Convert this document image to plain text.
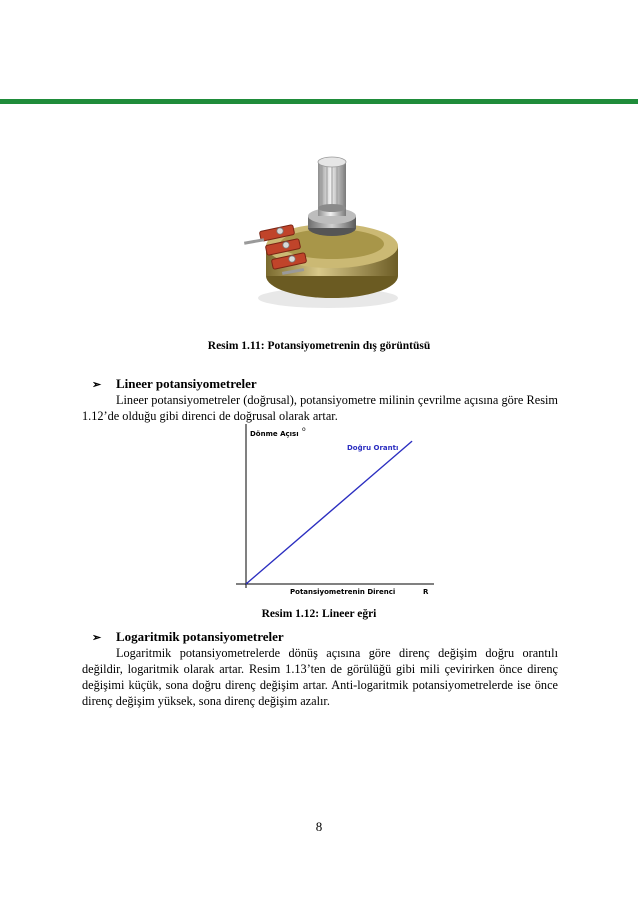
Resim 1.11: Potansiyometrenin dış görüntüsü
➢ Lineer potansiyometreler

Lineer potansiyometreler (doğrusal), potansiyometre milinin çevrilme açısına göre Resim 1.12’de olduğu gibi direnci de doğrusal olarak artar.

Dönme Açısı
o
Doğru Orantı
Potansiyometrenin Direnci	R
Resim 1.12: Lineer eğri
➢ Logaritmik potansiyometreler

Logaritmik potansiyometrelerde dönüş açısına göre direnç değişim doğru orantılı değildir, logaritmik olarak artar. Resim 1.13’ten de görülüğü gibi mili çevirirken önce direnç değişimi küçük, sona doğru direnç değişim artar. Anti-logaritmik potansiyometrelerde ise önce direnç değişim yüksek, sona direnç değişim azalır.

8
